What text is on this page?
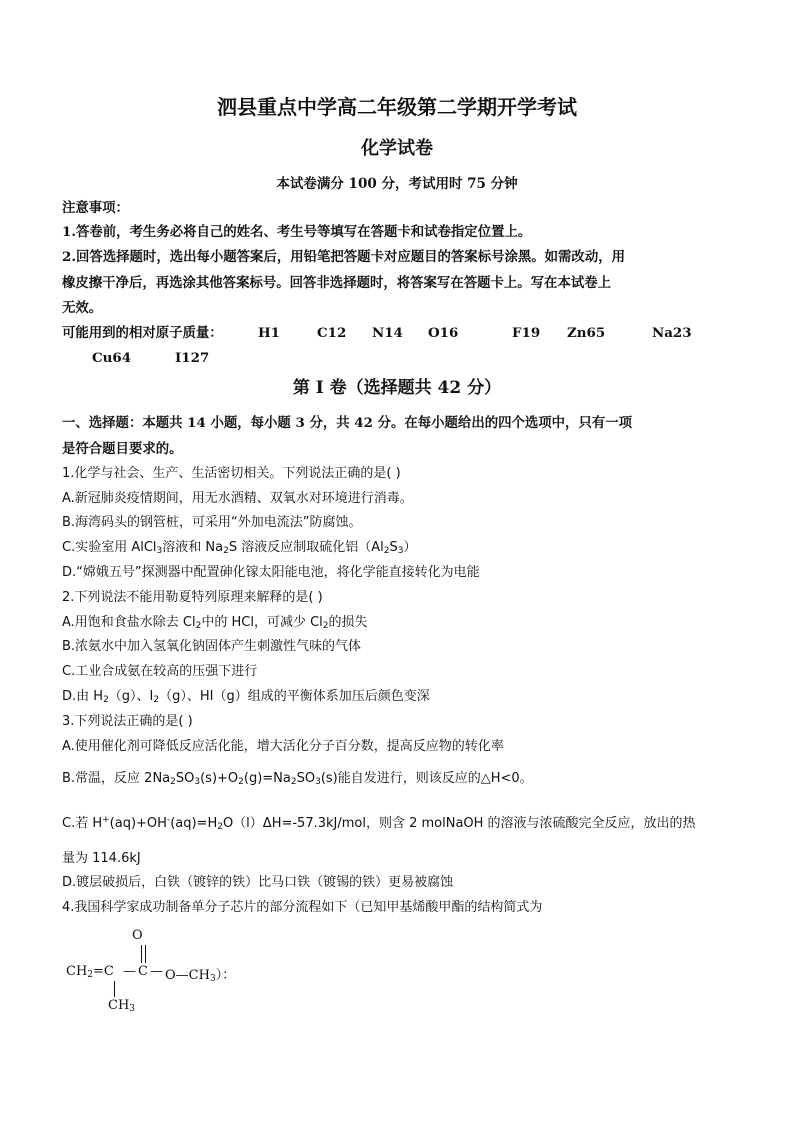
泗县重点中学高二年级第二学期开学考试
化学试卷
本试卷满分 100 分，考试用时 75 分钟
注意事项：
1.答卷前，考生务必将自己的姓名、考生号等填写在答题卡和试卷指定位置上。
2.回答选择题时，选出每小题答案后，用铅笔把答题卡对应题目的答案标号涂黑。如需改动，用
橡皮擦干净后，再选涂其他答案标号。回答非选择题时，将答案写在答题卡上。写在本试卷上
无效。
可能用到的相对原子质量：	H1	C12 N14 O16	F19 Zn65	Na23
Cu64	I127
第 I 卷（选择题共 42 分）
一、选择题：本题共 14 小题，每小题 3 分，共 42 分。在每小题给出的四个选项中，只有一项
是符合题目要求的。
1.化学与社会、生产、生活密切相关。下列说法正确的是( )
A.新冠肺炎疫情期间，用无水酒精、双氧水对环境进行消毒。
B.海湾码头的钢管桩，可采用“外加电流法”防腐蚀。
C.实验室用 AlCl$_3$溶液和 $Na_2S$ 溶液反应制取硫化铝$(Al_2S_3)$
D.“嫦娥五号”探测器中配置砷化镓太阳能电池，将化学能直接转化为电能
2.下列说法不能用勒夏特列原理来解释的是( )
A.用饱和食盐水除去 $Cl_2$中的 HCl，可减少 $Cl_2$的损失
B.浓氨水中加入氢氧化钠固体产生刺激性气味的气体
C.工业合成氨在较高的压强下进行
D.由 $H_2(g)$、$I_2(g)$、HI（g）组成的平衡体系加压后颜色变深
3.下列说法正确的是( )
A.使用催化剂可降低反应活化能，增大活化分子百分数，提高反应物的转化率
B.常温，反应 $2Na_2SO_3(s)+O_2(g)=Na_2SO_3(s)$能自发进行，则该反应的△H<0。
C.若 $H^+(aq)+OH^-(aq)=H_2O(l)\Delta H=-57.3kJ$/mol，则含 2 molNaOH 的溶液与浓硫酸完全反应，放出的热
量为 114.6kJ
D.镀层破损后，白铁（镀锌的铁）比马口铁（镀锡的铁）更易被腐蚀
4.我国科学家成功制备单分子芯片的部分流程如下（已知甲基烯酸甲酯的结构简式为
O
$CH_2=C$ — C — $O—CH_3$）：
$CH_3$
